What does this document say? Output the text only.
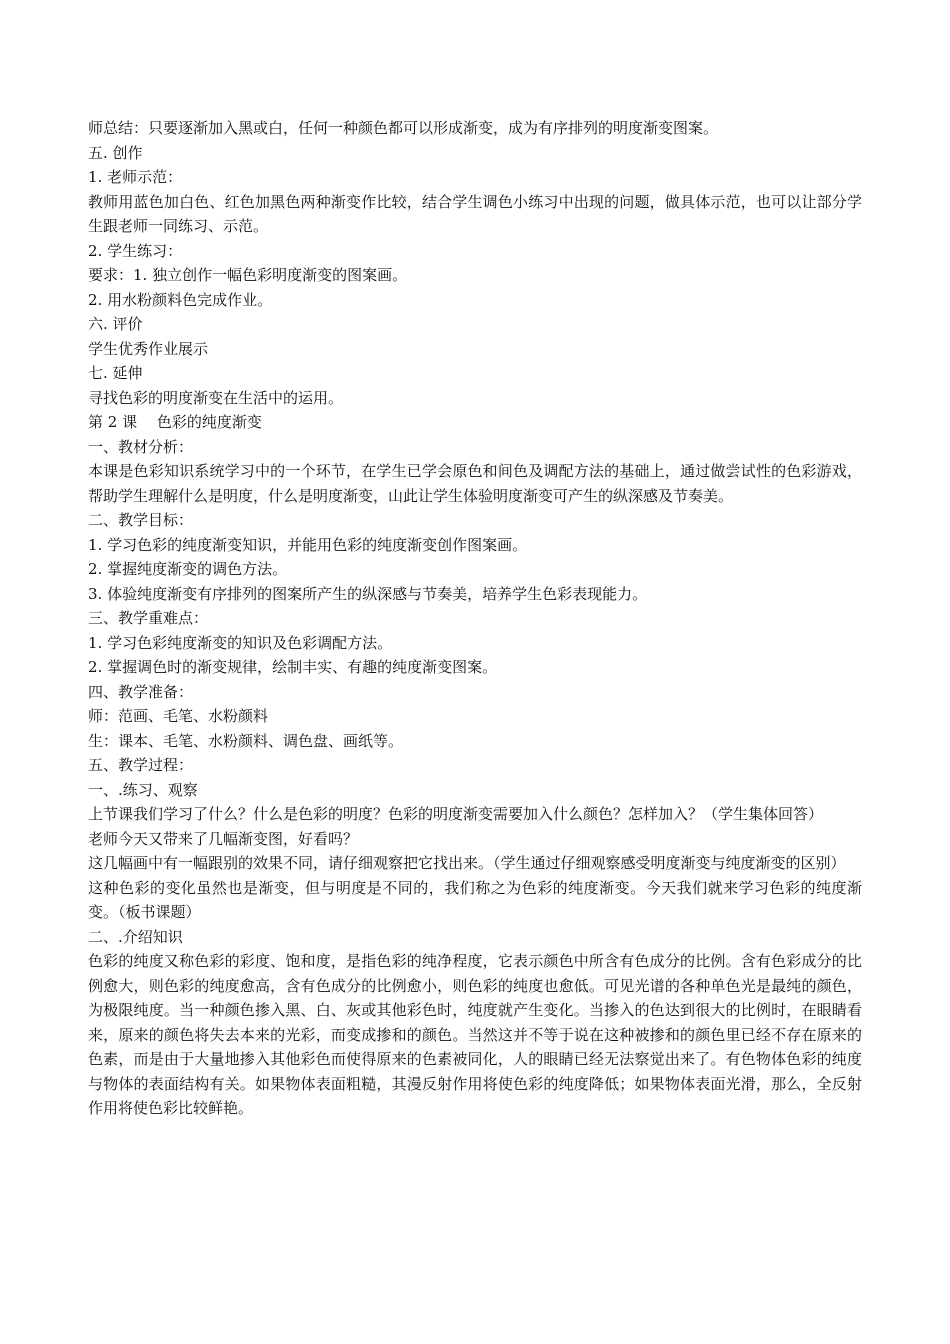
师总结：只要逐渐加入黑或白，任何一种颜色都可以形成渐变，成为有序排列的明度渐变图案。

五. 创作

1. 老师示范：

教师用蓝色加白色、红色加黑色两种渐变作比较，结合学生调色小练习中出现的问题，做具体示范，也可以让部分学生跟老师一同练习、示范。

2. 学生练习：

要求：1. 独立创作一幅色彩明度渐变的图案画。

2. 用水粉颜料色完成作业。

六. 评价

学生优秀作业展示

七. 延伸

寻找色彩的明度渐变在生活中的运用。

第 2 课　 色彩的纯度渐变

一、教材分析：

本课是色彩知识系统学习中的一个环节，在学生已学会原色和间色及调配方法的基础上，通过做尝试性的色彩游戏，帮助学生理解什么是明度，什么是明度渐变，山此让学生体验明度渐变可产生的纵深感及节奏美。

二、教学目标：

1. 学习色彩的纯度渐变知识，并能用色彩的纯度渐变创作图案画。

2. 掌握纯度渐变的调色方法。

3. 体验纯度渐变有序排列的图案所产生的纵深感与节奏美，培养学生色彩表现能力。

三、教学重难点：

1. 学习色彩纯度渐变的知识及色彩调配方法。

2. 掌握调色时的渐变规律，绘制丰实、有趣的纯度渐变图案。

四、教学准备：

师：范画、毛笔、水粉颜料

生：课本、毛笔、水粉颜料、调色盘、画纸等。

五、教学过程：

一、.练习、观察

上节课我们学习了什么？什么是色彩的明度？色彩的明度渐变需要加入什么颜色？怎样加入？（学生集体回答）

老师今天又带来了几幅渐变图，好看吗？

这几幅画中有一幅跟别的效果不同，请仔细观察把它找出来。（学生通过仔细观察感受明度渐变与纯度渐变的区别）

这种色彩的变化虽然也是渐变，但与明度是不同的，我们称之为色彩的纯度渐变。今天我们就来学习色彩的纯度渐变。（板书课题）

二、.介绍知识

色彩的纯度又称色彩的彩度、饱和度，是指色彩的纯净程度，它表示颜色中所含有色成分的比例。含有色彩成分的比例愈大，则色彩的纯度愈高，含有色成分的比例愈小，则色彩的纯度也愈低。可见光谱的各种单色光是最纯的颜色，为极限纯度。当一种颜色掺入黑、白、灰或其他彩色时，纯度就产生变化。当掺入的色达到很大的比例时，在眼睛看来，原来的颜色将失去本来的光彩，而变成掺和的颜色。当然这并不等于说在这种被掺和的颜色里已经不存在原来的色素，而是由于大量地掺入其他彩色而使得原来的色素被同化，人的眼睛已经无法察觉出来了。有色物体色彩的纯度与物体的表面结构有关。如果物体表面粗糙，其漫反射作用将使色彩的纯度降低；如果物体表面光滑，那么，全反射作用将使色彩比较鲜艳。
